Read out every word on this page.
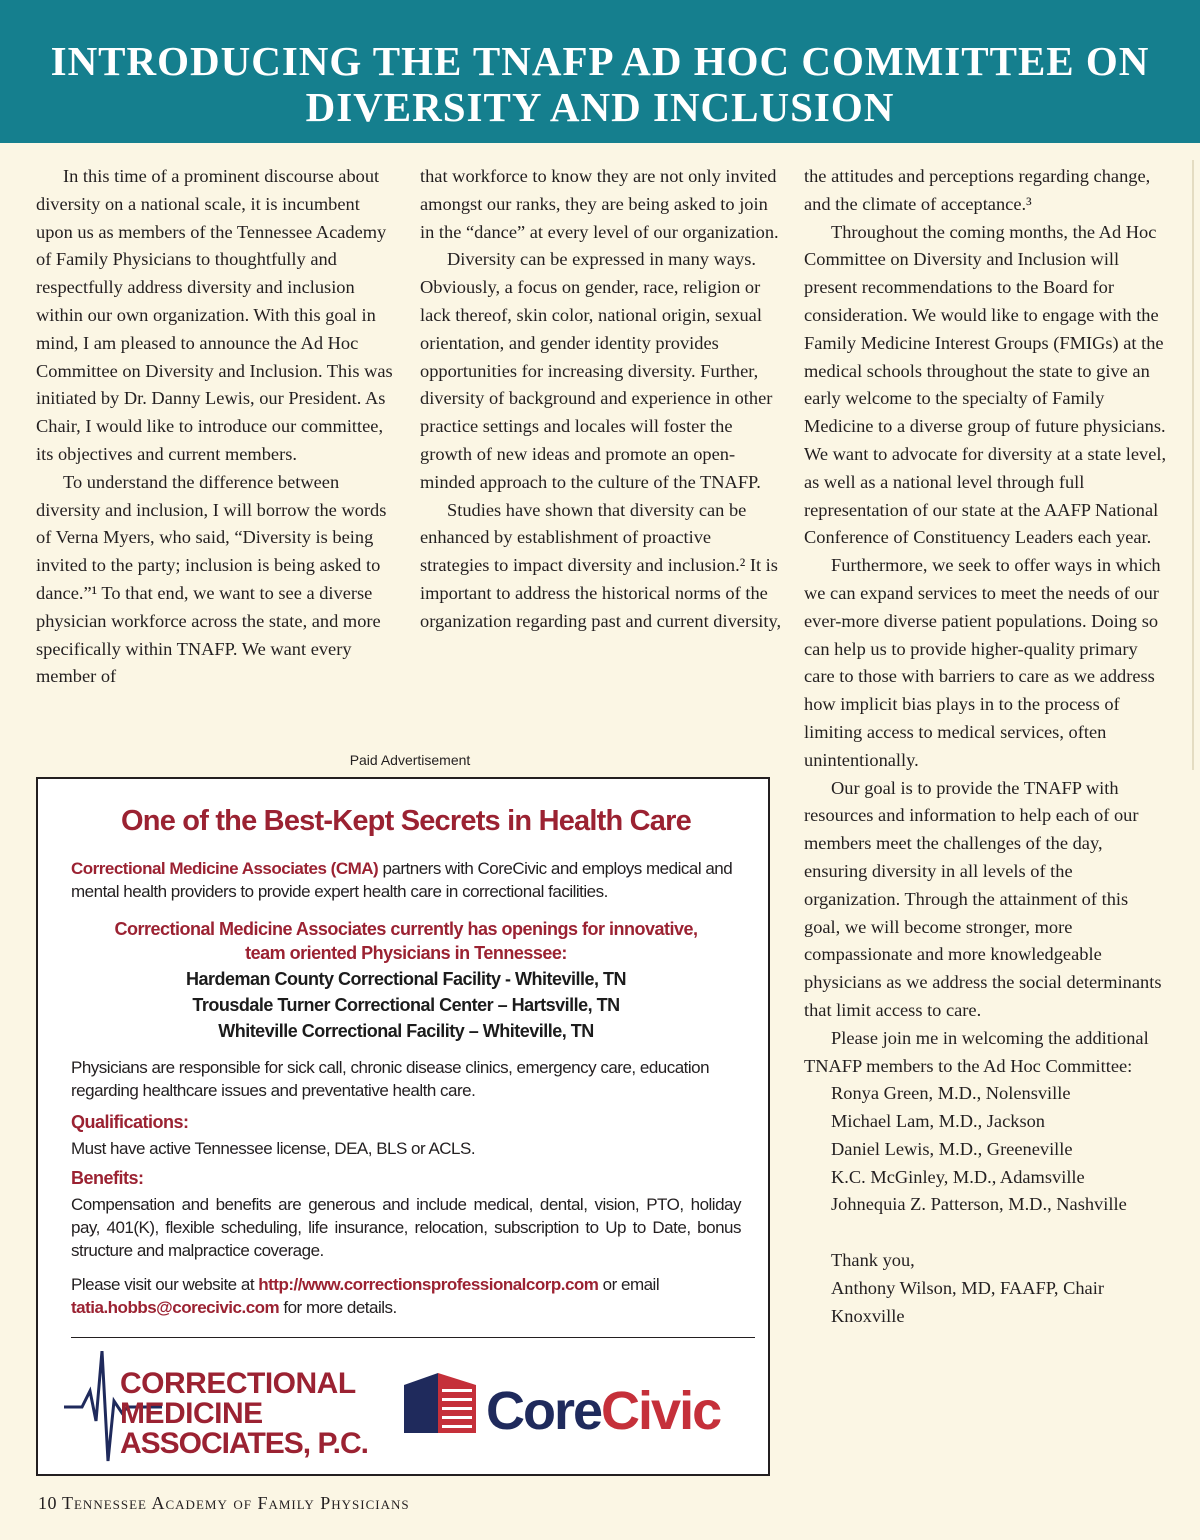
INTRODUCING THE TNAFP AD HOC COMMITTEE ON
DIVERSITY AND INCLUSION

In this time of a prominent discourse about diversity on a national scale, it is incumbent upon us as members of the Tennessee Academy of Family Physicians to thoughtfully and respectfully address diversity and inclusion within our own organization. With this goal in mind, I am pleased to announce the Ad Hoc Committee on Diversity and Inclusion. This was initiated by Dr. Danny Lewis, our President. As Chair, I would like to introduce our committee, its objectives and current members.

To understand the difference between diversity and inclusion, I will borrow the words of Verna Myers, who said, “Diversity is being invited to the party; inclusion is being asked to dance.”¹ To that end, we want to see a diverse physician workforce across the state, and more specifically within TNAFP. We want every member of

that workforce to know they are not only invited amongst our ranks, they are being asked to join in the “dance” at every level of our organization.

Diversity can be expressed in many ways. Obviously, a focus on gender, race, religion or lack thereof, skin color, national origin, sexual orientation, and gender identity provides opportunities for increasing diversity. Further, diversity of background and experience in other practice settings and locales will foster the growth of new ideas and promote an open-minded approach to the culture of the TNAFP.

Studies have shown that diversity can be enhanced by establishment of proactive strategies to impact diversity and inclusion.² It is important to address the historical norms of the organization regarding past and current diversity,

the attitudes and perceptions regarding change, and the climate of acceptance.³

Throughout the coming months, the Ad Hoc Committee on Diversity and Inclusion will present recommendations to the Board for consideration. We would like to engage with the Family Medicine Interest Groups (FMIGs) at the medical schools throughout the state to give an early welcome to the specialty of Family Medicine to a diverse group of future physicians. We want to advocate for diversity at a state level, as well as a national level through full representation of our state at the AAFP National Conference of Constituency Leaders each year.

Furthermore, we seek to offer ways in which we can expand services to meet the needs of our ever-more diverse patient populations. Doing so can help us to provide higher-quality primary care to those with barriers to care as we address how implicit bias plays in to the process of limiting access to medical services, often unintentionally.

Our goal is to provide the TNAFP with resources and information to help each of our members meet the challenges of the day, ensuring diversity in all levels of the organization. Through the attainment of this goal, we will become stronger, more compassionate and more knowledgeable physicians as we address the social determinants that limit access to care.

Please join me in welcoming the additional TNAFP members to the Ad Hoc Committee:

Ronya Green, M.D., Nolensville
Michael Lam, M.D., Jackson
Daniel Lewis, M.D., Greeneville
K.C. McGinley, M.D., Adamsville
Johnequia Z. Patterson, M.D., Nashville
Thank you,
Anthony Wilson, MD, FAAFP, Chair
Knoxville
Paid Advertisement
One of the Best-Kept Secrets in Health Care
Correctional Medicine Associates (CMA) partners with CoreCivic and employs medical and mental health providers to provide expert health care in correctional facilities.
Correctional Medicine Associates currently has openings for innovative,
team oriented Physicians in Tennessee:
Hardeman County Correctional Facility - Whiteville, TN
Trousdale Turner Correctional Center – Hartsville, TN
Whiteville Correctional Facility – Whiteville, TN
Physicians are responsible for sick call, chronic disease clinics, emergency care, education regarding healthcare issues and preventative health care.
Qualifications:
Must have active Tennessee license, DEA, BLS or ACLS.
Benefits:
Compensation and benefits are generous and include medical, dental, vision, PTO, holiday pay, 401(K), flexible scheduling, life insurance, relocation, subscription to Up to Date, bonus structure and malpractice coverage.
Please visit our website at http://www.correctionsprofessionalcorp.com or email
tatia.hobbs@corecivic.com for more details.
CORRECTIONAL
MEDICINE
ASSOCIATES, P.C.
CoreCivic
10 Tennessee Academy of Family Physicians
